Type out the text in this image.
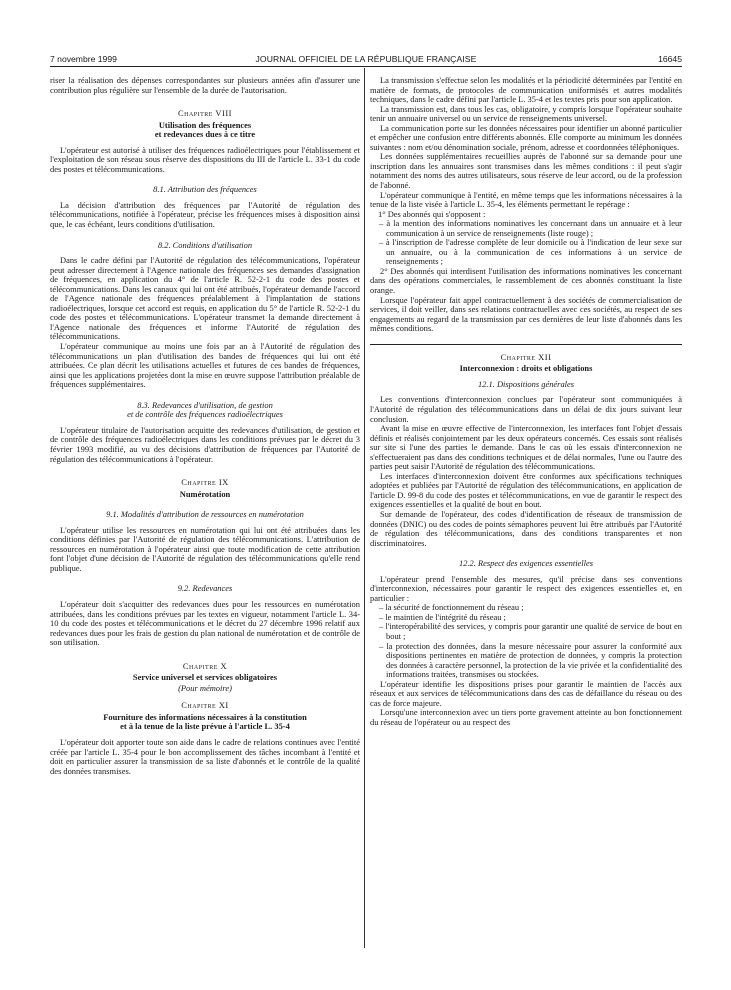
7 novembre 1999	JOURNAL OFFICIEL DE LA RÉPUBLIQUE FRANÇAISE	16645

riser la réalisation des dépenses correspondantes sur plusieurs années afin d'assurer une contribution plus régulière sur l'ensemble de la durée de l'autorisation.

Chapitre VIII
Utilisation des fréquences
et redevances dues à ce titre

L'opérateur est autorisé à utiliser des fréquences radioélectriques pour l'établissement et l'exploitation de son réseau sous réserve des dispositions du III de l'article L. 33-1 du code des postes et télécommunications.

8.1. Attribution des fréquences

La décision d'attribution des fréquences par l'Autorité de régulation des télécommunications, notifiée à l'opérateur, précise les fréquences mises à disposition ainsi que, le cas échéant, leurs conditions d'utilisation.

8.2. Conditions d'utilisation

Dans le cadre défini par l'Autorité de régulation des télécommunications, l'opérateur peut adresser directement à l'Agence nationale des fréquences ses demandes d'assignation de fréquences, en application du 4° de l'article R. 52-2-1 du code des postes et télécommunications. Dans les canaux qui lui ont été attribués, l'opérateur demande l'accord de l'Agence nationale des fréquences préalablement à l'implantation de stations radioélectriques, lorsque cet accord est requis, en application du 5° de l'article R. 52-2-1 du code des postes et télécommunications. L'opérateur transmet la demande directement à l'Agence nationale des fréquences et informe l'Autorité de régulation des télécommunications.

L'opérateur communique au moins une fois par an à l'Autorité de régulation des télécommunications un plan d'utilisation des bandes de fréquences qui lui ont été attribuées. Ce plan décrit les utilisations actuelles et futures de ces bandes de fréquences, ainsi que les applications projetées dont la mise en œuvre suppose l'attribution préalable de fréquences supplémentaires.

8.3. Redevances d'utilisation, de gestion
et de contrôle des fréquences radioélectriques

L'opérateur titulaire de l'autorisation acquitte des redevances d'utilisation, de gestion et de contrôle des fréquences radioélectriques dans les conditions prévues par le décret du 3 février 1993 modifié, au vu des décisions d'attribution de fréquences par l'Autorité de régulation des télécommunications à l'opérateur.

Chapitre IX
Numérotation
9.1. Modalités d'attribution de ressources en numérotation

L'opérateur utilise les ressources en numérotation qui lui ont été attribuées dans les conditions définies par l'Autorité de régulation des télécommunications. L'attribution de ressources en numérotation à l'opérateur ainsi que toute modification de cette attribution font l'objet d'une décision de l'Autorité de régulation des télécommunications qu'elle rend publique.

9.2. Redevances

L'opérateur doit s'acquitter des redevances dues pour les ressources en numérotation attribuées, dans les conditions prévues par les textes en vigueur, notamment l'article L. 34-10 du code des postes et télécommunications et le décret du 27 décembre 1996 relatif aux redevances dues pour les frais de gestion du plan national de numérotation et de contrôle de son utilisation.

Chapitre X
Service universel et services obligatoires
(Pour mémoire)
Chapitre XI
Fourniture des informations nécessaires à la constitution
et à la tenue de la liste prévue à l'article L. 35-4

L'opérateur doit apporter toute son aide dans le cadre de relations continues avec l'entité créée par l'article L. 35-4 pour le bon accomplissement des tâches incombant à l'entité et doit en particulier assurer la transmission de sa liste d'abonnés et le contrôle de la qualité des données transmises.

La transmission s'effectue selon les modalités et la périodicité déterminées par l'entité en matière de formats, de protocoles de communication uniformisés et autres modalités techniques, dans le cadre défini par l'article L. 35-4 et les textes pris pour son application.

La transmission est, dans tous les cas, obligatoire, y compris lorsque l'opérateur souhaite tenir un annuaire universel ou un service de renseignements universel.

La communication porte sur les données nécessaires pour identifier un abonné particulier et empêcher une confusion entre différents abonnés. Elle comporte au minimum les données suivantes : nom et/ou dénomination sociale, prénom, adresse et coordonnées téléphoniques.

Les données supplémentaires recueillies auprès de l'abonné sur sa demande pour une inscription dans les annuaires sont transmises dans les mêmes conditions : il peut s'agir notamment des noms des autres utilisateurs, sous réserve de leur accord, ou de la profession de l'abonné.

L'opérateur communique à l'entité, en même temps que les informations nécessaires à la tenue de la liste visée à l'article L. 35-4, les éléments permettant le repérage :

1° Des abonnés qui s'opposent :

– à la mention des informations nominatives les concernant dans un annuaire et à leur communication à un service de renseignements (liste rouge) ;

– à l'inscription de l'adresse complète de leur domicile ou à l'indication de leur sexe sur un annuaire, ou à la communication de ces informations à un service de renseignements ;

2° Des abonnés qui interdisent l'utilisation des informations nominatives les concernant dans des opérations commerciales, le rassemblement de ces abonnés constituant la liste orange.

Lorsque l'opérateur fait appel contractuellement à des sociétés de commercialisation de services, il doit veiller, dans ses relations contractuelles avec ces sociétés, au respect de ses engagements au regard de la transmission par ces dernières de leur liste d'abonnés dans les mêmes conditions.

Chapitre XII
Interconnexion : droits et obligations
12.1. Dispositions générales

Les conventions d'interconnexion conclues par l'opérateur sont communiquées à l'Autorité de régulation des télécommunications dans un délai de dix jours suivant leur conclusion.

Avant la mise en œuvre effective de l'interconnexion, les interfaces font l'objet d'essais définis et réalisés conjointement par les deux opérateurs concernés. Ces essais sont réalisés sur site si l'une des parties le demande. Dans le cas où les essais d'interconnexion ne s'effectueraient pas dans des conditions techniques et de délai normales, l'une ou l'autre des parties peut saisir l'Autorité de régulation des télécommunications.

Les interfaces d'interconnexion doivent être conformes aux spécifications techniques adoptées et publiées par l'Autorité de régulation des télécommunications, en application de l'article D. 99-8 du code des postes et télécommunications, en vue de garantir le respect des exigences essentielles et la qualité de bout en bout.

Sur demande de l'opérateur, des codes d'identification de réseaux de transmission de données (DNIC) ou des codes de points sémaphores peuvent lui être attribués par l'Autorité de régulation des télécommunications, dans des conditions transparentes et non discriminatoires.

12.2. Respect des exigences essentielles

L'opérateur prend l'ensemble des mesures, qu'il précise dans ses conventions d'interconnexion, nécessaires pour garantir le respect des exigences essentielles et, en particulier :

– la sécurité de fonctionnement du réseau ;

– le maintien de l'intégrité du réseau ;

– l'interopérabilité des services, y compris pour garantir une qualité de service de bout en bout ;

– la protection des données, dans la mesure nécessaire pour assurer la conformité aux dispositions pertinentes en matière de protection de données, y compris la protection des données à caractère personnel, la protection de la vie privée et la confidentialité des informations traitées, transmises ou stockées.

L'opérateur identifie les dispositions prises pour garantir le maintien de l'accès aux réseaux et aux services de télécommunications dans des cas de défaillance du réseau ou des cas de force majeure.

Lorsqu'une interconnexion avec un tiers porte gravement atteinte au bon fonctionnement du réseau de l'opérateur ou au respect des
